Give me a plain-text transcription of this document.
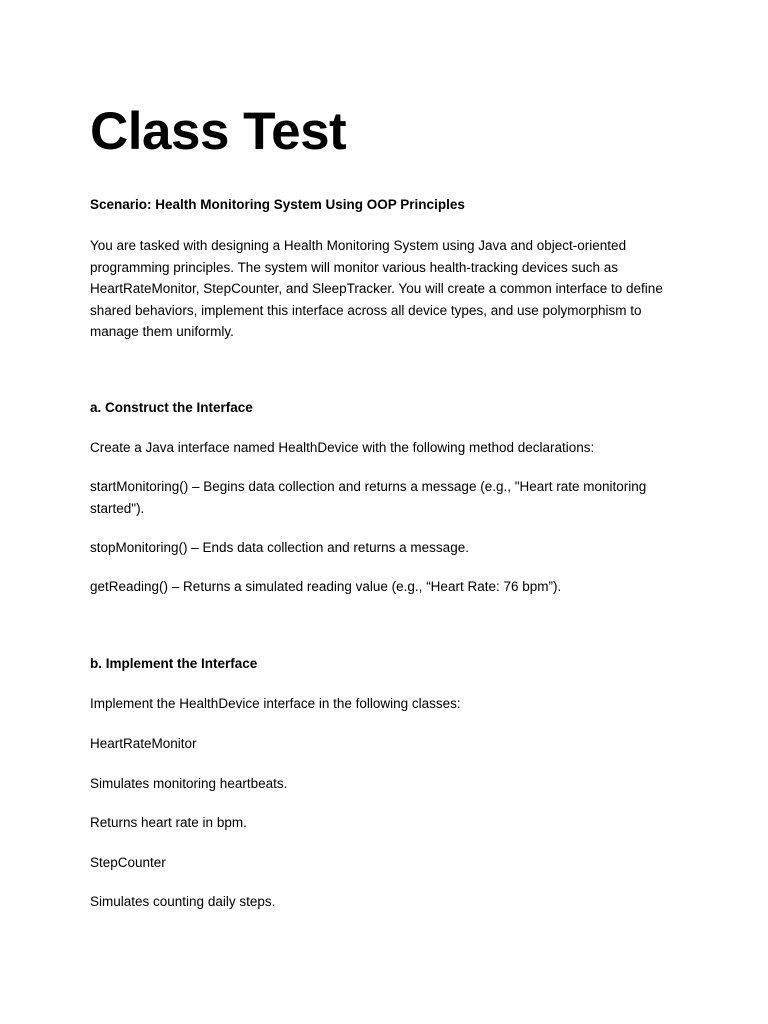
Class Test

Scenario: Health Monitoring System Using OOP Principles

You are tasked with designing a Health Monitoring System using Java and object-oriented programming principles. The system will monitor various health-tracking devices such as HeartRateMonitor, StepCounter, and SleepTracker. You will create a common interface to define shared behaviors, implement this interface across all device types, and use polymorphism to manage them uniformly.

a. Construct the Interface

Create a Java interface named HealthDevice with the following method declarations:

startMonitoring() – Begins data collection and returns a message (e.g., "Heart rate monitoring started").

stopMonitoring() – Ends data collection and returns a message.

getReading() – Returns a simulated reading value (e.g., “Heart Rate: 76 bpm”).

b. Implement the Interface

Implement the HealthDevice interface in the following classes:

HeartRateMonitor

Simulates monitoring heartbeats.

Returns heart rate in bpm.

StepCounter

Simulates counting daily steps.
